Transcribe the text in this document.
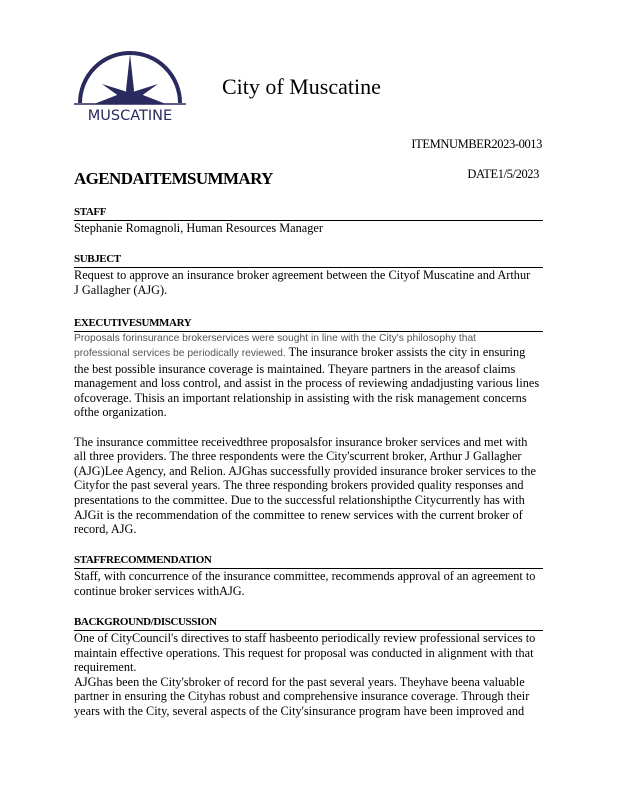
MUSCATINE
City of Muscatine
ITEMNUMBER2023-0013
AGENDAITEMSUMMARY	DATE1/5/2023
STAFF
Stephanie Romagnoli, Human Resources Manager
SUBJECT
Request to approve an insurance broker agreement between the Cityof Muscatine and Arthur
J Gallagher (AJG).
EXECUTIVESUMMARY
Proposals forinsurance brokerservices were sought in line with the City's philosophy that
professional services be periodically reviewed. The insurance broker assists the city in ensuring
the best possible insurance coverage is maintained. Theyare partners in the areasof claims
management and loss control, and assist in the process of reviewing andadjusting various lines
ofcoverage. Thisis an important relationship in assisting with the risk management concerns
ofthe organization.
The insurance committee receivedthree proposalsfor insurance broker services and met with
all three providers. The three respondents were the City'scurrent broker, Arthur J Gallagher
(AJG)Lee Agency, and Relion. AJGhas successfully provided insurance broker services to the
Cityfor the past several years. The three responding brokers provided quality responses and
presentations to the committee. Due to the successful relationshipthe Citycurrently has with
AJGit is the recommendation of the committee to renew services with the current broker of
record, AJG.
STAFFRECOMMENDATION
Staff, with concurrence of the insurance committee, recommends approval of an agreement to
continue broker services withAJG.
BACKGROUND/DISCUSSION
One of CityCouncil's directives to staff hasbeento periodically review professional services to
maintain effective operations. This request for proposal was conducted in alignment with that
requirement.
AJGhas been the City'sbroker of record for the past several years. Theyhave beena valuable
partner in ensuring the Cityhas robust and comprehensive insurance coverage. Through their
years with the City, several aspects of the City'sinsurance program have been improved and
